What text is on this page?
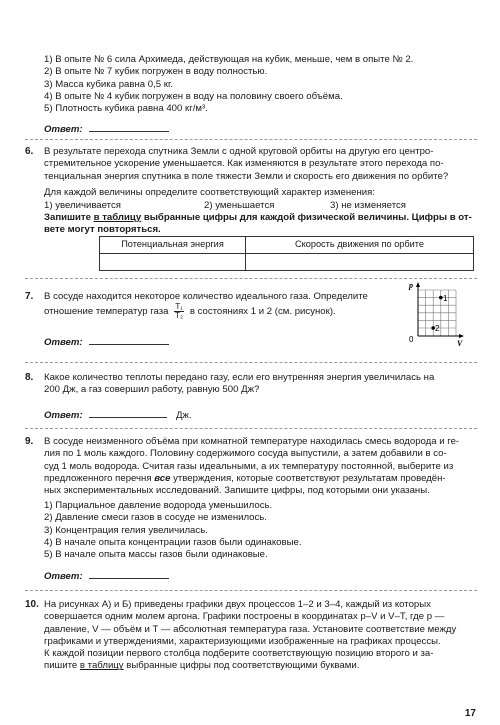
1) В опыте № 6 сила Архимеда, действующая на кубик, меньше, чем в опыте № 2.
2) В опыте № 7 кубик погружен в воду полностью.
3) Масса кубика равна 0,5 кг.
4) В опыте № 4 кубик погружен в воду на половину своего объёма.
5) Плотность кубика равна 400 кг/м³.
Ответ:
6. В результате перехода спутника Земли с одной круговой орбиты на другую его центро-
стремительное ускорение уменьшается. Как изменяются в результате этого перехода по-
тенциальная энергия спутника в поле тяжести Земли и скорость его движения по орбите?
Для каждой величины определите соответствующий характер изменения:
1) увеличивается	2) уменьшается	3) не изменяется
Запишите в таблицу выбранные цифры для каждой физической величины. Цифры в от-
вете могут повторяться.
Потенциальная энергия	Скорость движения по орбите

7. В сосуде находится некоторое количество идеального газа. Определите
отношение температур газа $\frac{\text{T₁}}{\text{T₂}}$ в состояниях 1 и 2 (см. рисунок).
Ответ:
p
V
0
1
2
8. Какое количество теплоты передано газу, если его внутренняя энергия увеличилась на
200 Дж, а газ совершил работу, равную 500 Дж?
Ответ:	Дж.
9. В сосуде неизменного объёма при комнатной температуре находилась смесь водорода и ге-
лия по 1 моль каждого. Половину содержимого сосуда выпустили, а затем добавили в со-
суд 1 моль водорода. Считая газы идеальными, а их температуру постоянной, выберите из
предложенного перечня все утверждения, которые соответствуют результатам проведён-
ных экспериментальных исследований. Запишите цифры, под которыми они указаны.
1) Парциальное давление водорода уменьшилось.
2) Давление смеси газов в сосуде не изменилось.
3) Концентрация гелия увеличилась.
4) В начале опыта концентрации газов были одинаковые.
5) В начале опыта массы газов были одинаковые.
Ответ:
10. На рисунках А) и Б) приведены графики двух процессов 1–2 и 3–4, каждый из которых
совершается одним молем аргона. Графики построены в координатах p–V и V–T, где p —
давление, V — объём и T — абсолютная температура газа. Установите соответствие между
графиками и утверждениями, характеризующими изображенные на графиках процессы.
К каждой позиции первого столбца подберите соответствующую позицию второго и за-
пишите в таблицу выбранные цифры под соответствующими буквами.
17
